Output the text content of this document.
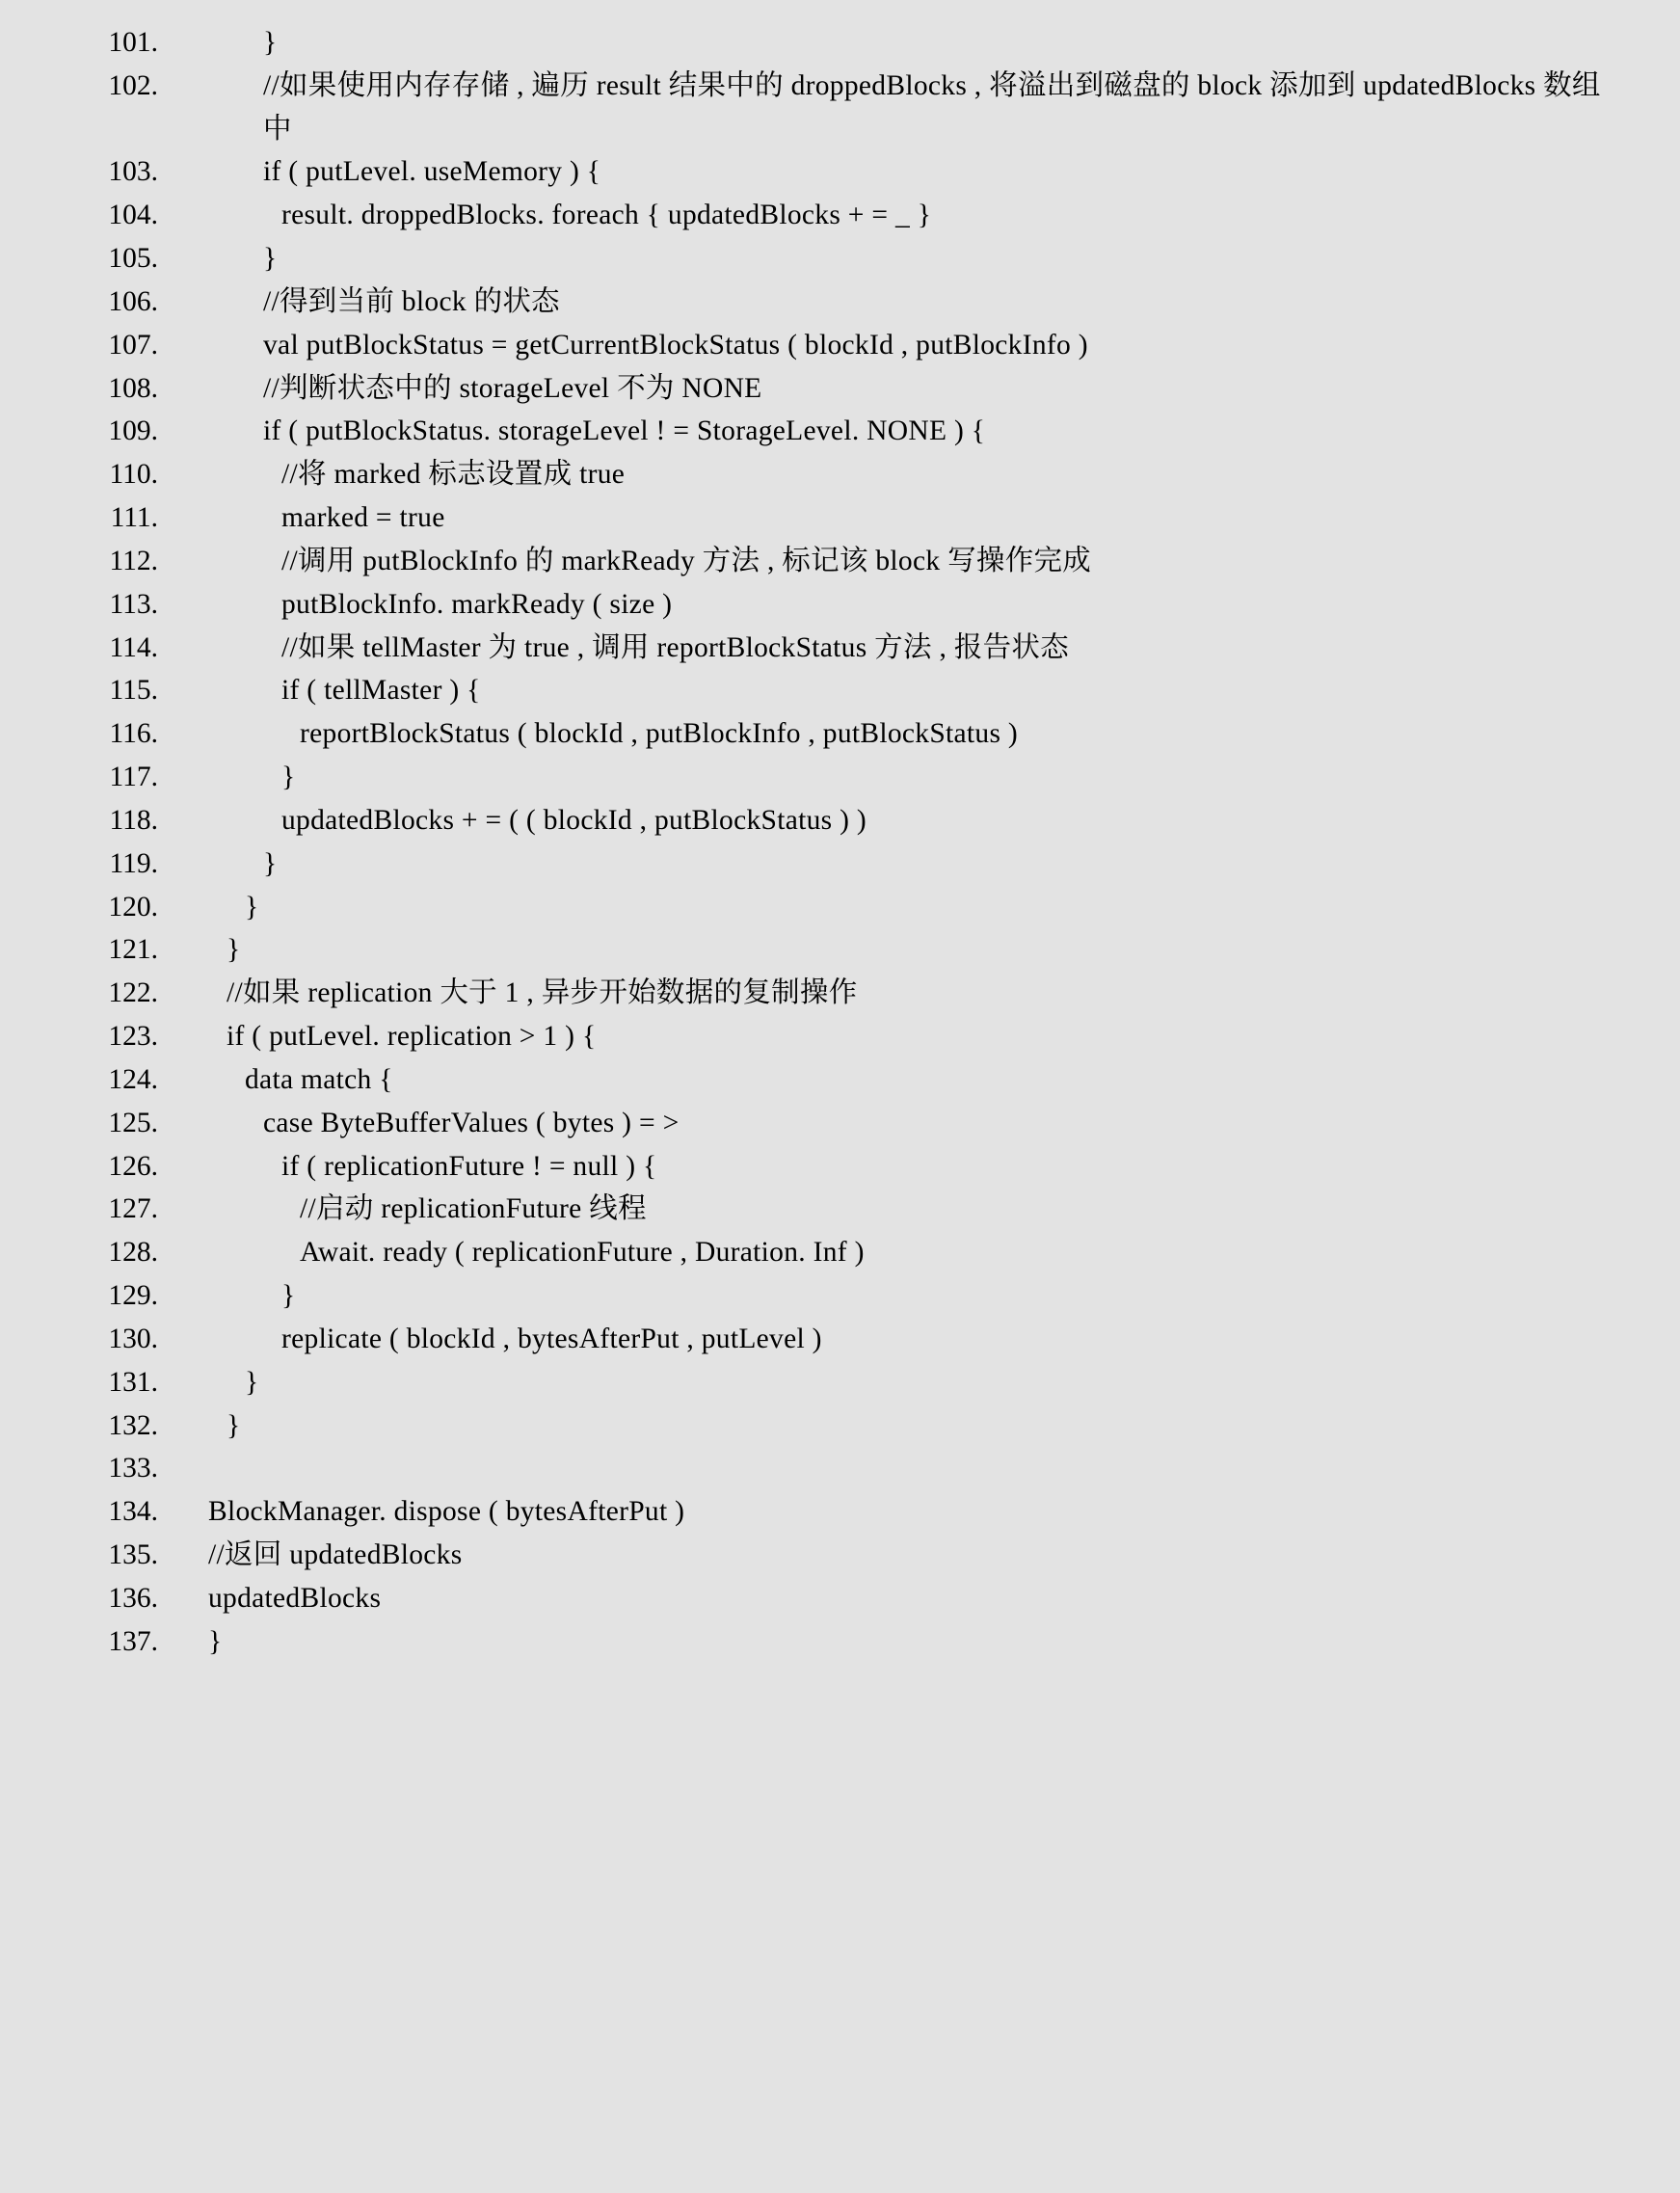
101.	}
102.	//如果使用内存存储 , 遍历 result 结果中的 droppedBlocks , 将溢出到磁盘的 block 添加到 updatedBlocks 数组中
103.	if ( putLevel. useMemory ) {
104.	result. droppedBlocks. foreach { updatedBlocks + = _ }
105.	}
106.	//得到当前 block 的状态
107.	val putBlockStatus = getCurrentBlockStatus ( blockId , putBlockInfo )
108.	//判断状态中的 storageLevel 不为 NONE
109.	if ( putBlockStatus. storageLevel ! = StorageLevel. NONE ) {
110.	//将 marked 标志设置成 true
111.	marked = true
112.	//调用 putBlockInfo 的 markReady 方法 , 标记该 block 写操作完成
113.	putBlockInfo. markReady ( size )
114.	//如果 tellMaster 为 true , 调用 reportBlockStatus 方法 , 报告状态
115.	if ( tellMaster ) {
116.	reportBlockStatus ( blockId , putBlockInfo , putBlockStatus )
117.	}
118.	updatedBlocks + = ( ( blockId , putBlockStatus ) )
119.	}
120.	}
121.	}
122.	//如果 replication 大于 1 , 异步开始数据的复制操作
123.	if ( putLevel. replication > 1 ) {
124.	data match {
125.	case ByteBufferValues ( bytes ) = >
126.	if ( replicationFuture ! = null ) {
127.	//启动 replicationFuture 线程
128.	Await. ready ( replicationFuture , Duration. Inf )
129.	}
130.	replicate ( blockId , bytesAfterPut , putLevel )
131.	}
132.	}
133.
134.	BlockManager. dispose ( bytesAfterPut )
135.	//返回 updatedBlocks
136.	updatedBlocks
137.	}
